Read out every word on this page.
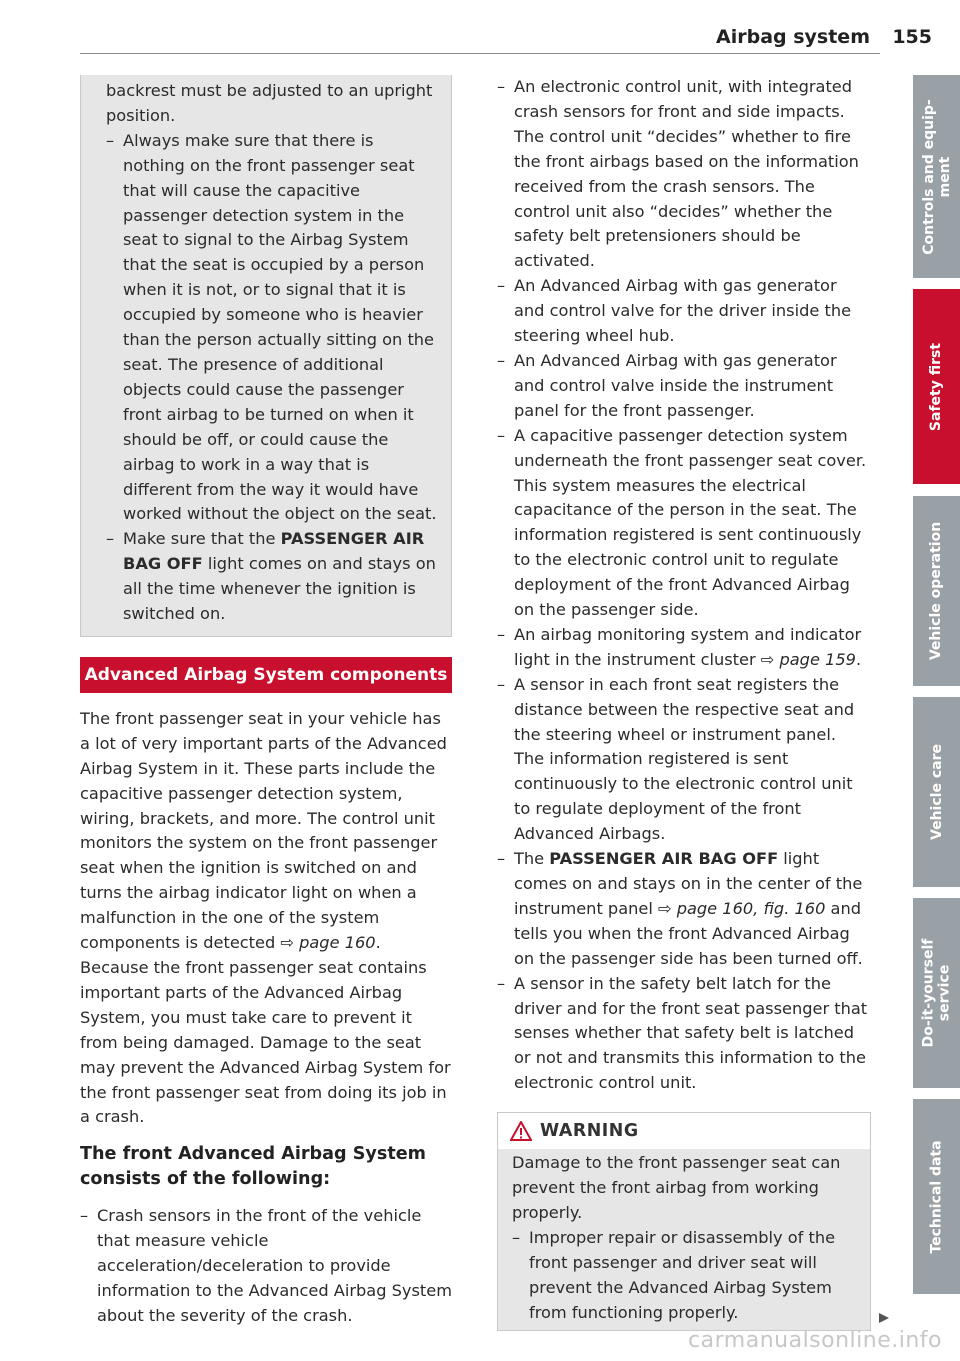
Airbag system 155

backrest must be adjusted to an upright position.

– Always make sure that there is nothing on the front passenger seat that will cause the capacitive passenger detection system in the seat to signal to the Airbag System that the seat is occupied by a person when it is not, or to signal that it is occupied by someone who is heavier than the person actually sitting on the seat. The presence of additional objects could cause the passenger front airbag to be turned on when it should be off, or could cause the airbag to work in a way that is different from the way it would have worked without the object on the seat.
– Make sure that the PASSENGER AIR BAG OFF light comes on and stays on all the time whenever the ignition is switched on.
Advanced Airbag System components

The front passenger seat in your vehicle has a lot of very important parts of the Advanced Airbag System in it. These parts include the capacitive passenger detection system, wiring, brackets, and more. The control unit monitors the system on the front passenger seat when the ignition is switched on and turns the airbag indicator light on when a malfunction in the one of the system components is detected ⇨ page 160. Because the front passenger seat contains important parts of the Advanced Airbag System, you must take care to prevent it from being damaged. Damage to the seat may prevent the Advanced Airbag System for the front passenger seat from doing its job in a crash.

The front Advanced Airbag System consists of the following:
– Crash sensors in the front of the vehicle that measure vehicle acceleration/deceleration to provide information to the Advanced Airbag System about the severity of the crash.
– An electronic control unit, with integrated crash sensors for front and side impacts. The control unit “decides” whether to fire the front airbags based on the information received from the crash sensors. The control unit also “decides” whether the safety belt pretensioners should be activated.
– An Advanced Airbag with gas generator and control valve for the driver inside the steering wheel hub.
– An Advanced Airbag with gas generator and control valve inside the instrument panel for the front passenger.
– A capacitive passenger detection system underneath the front passenger seat cover. This system measures the electrical capacitance of the person in the seat. The information registered is sent continuously to the electronic control unit to regulate deployment of the front Advanced Airbag on the passenger side.
– An airbag monitoring system and indicator light in the instrument cluster ⇨ page 159.
– A sensor in each front seat registers the distance between the respective seat and the steering wheel or instrument panel. The information registered is sent continuously to the electronic control unit to regulate deployment of the front Advanced Airbags.
– The PASSENGER AIR BAG OFF light comes on and stays on in the center of the instrument panel ⇨ page 160, fig. 160 and tells you when the front Advanced Airbag on the passenger side has been turned off.
– A sensor in the safety belt latch for the driver and for the front seat passenger that senses whether that safety belt is latched or not and transmits this information to the electronic control unit.
WARNING

Damage to the front passenger seat can prevent the front airbag from working properly.

– Improper repair or disassembly of the front passenger and driver seat will prevent the Advanced Airbag System from functioning properly.
Controls and equip-
ment
Safety first
Vehicle operation
Vehicle care
Do-it-yourself
service
Technical data
carmanualsonline.info
